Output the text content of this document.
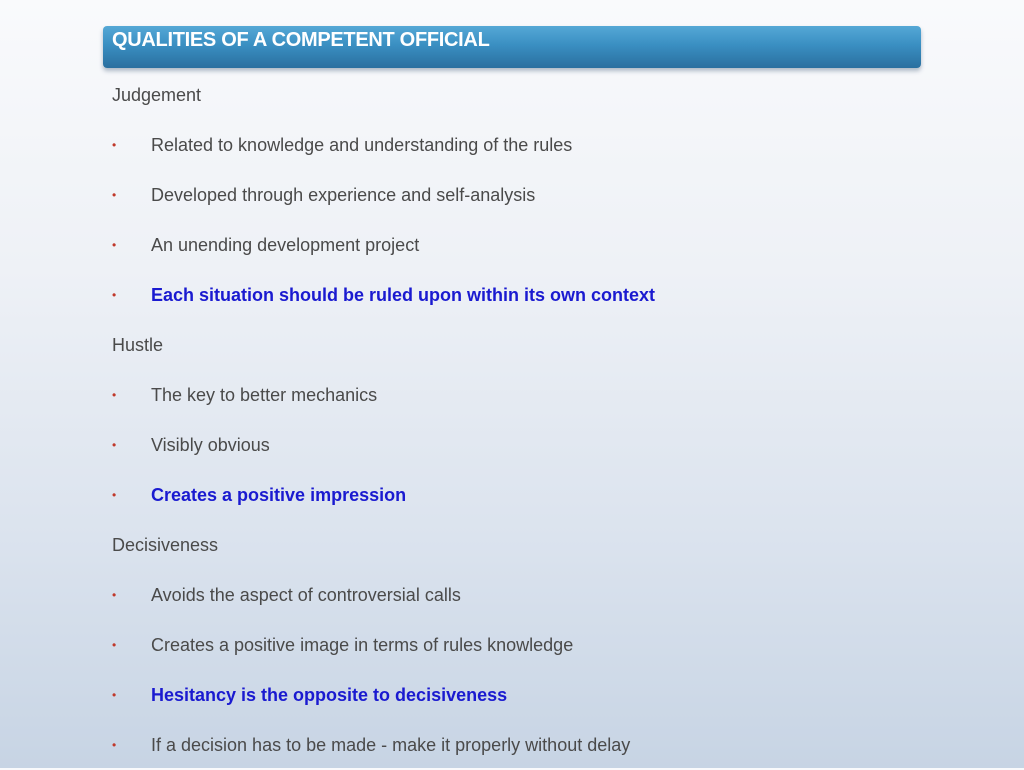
QUALITIES OF A COMPETENT OFFICIAL
Judgement
•	Related to knowledge and understanding of the rules
•	Developed through experience and self-analysis
•	An unending development project
•	Each situation should be ruled upon within its own context
Hustle
•	The key to better mechanics
•	Visibly obvious
•	Creates a positive impression
Decisiveness
•	Avoids the aspect of controversial calls
•	Creates a positive image in terms of rules knowledge
•	Hesitancy is the opposite to decisiveness
•	If a decision has to be made - make it properly without delay
